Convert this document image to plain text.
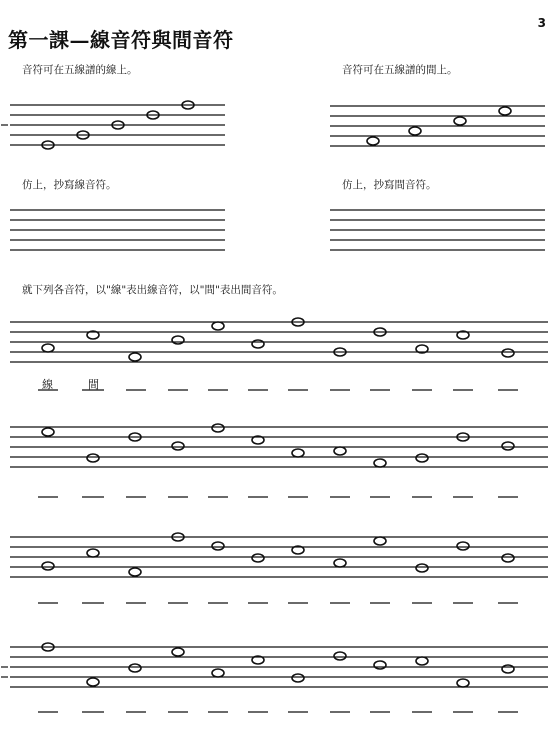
第一課—線音符與間音符
3
音符可在五線譜的線上。	音符可在五線譜的間上。
仿上，抄寫線音符。	仿上，抄寫間音符。
就下列各音符，以"線"表出線音符，以"間"表出間音符。
線	間
